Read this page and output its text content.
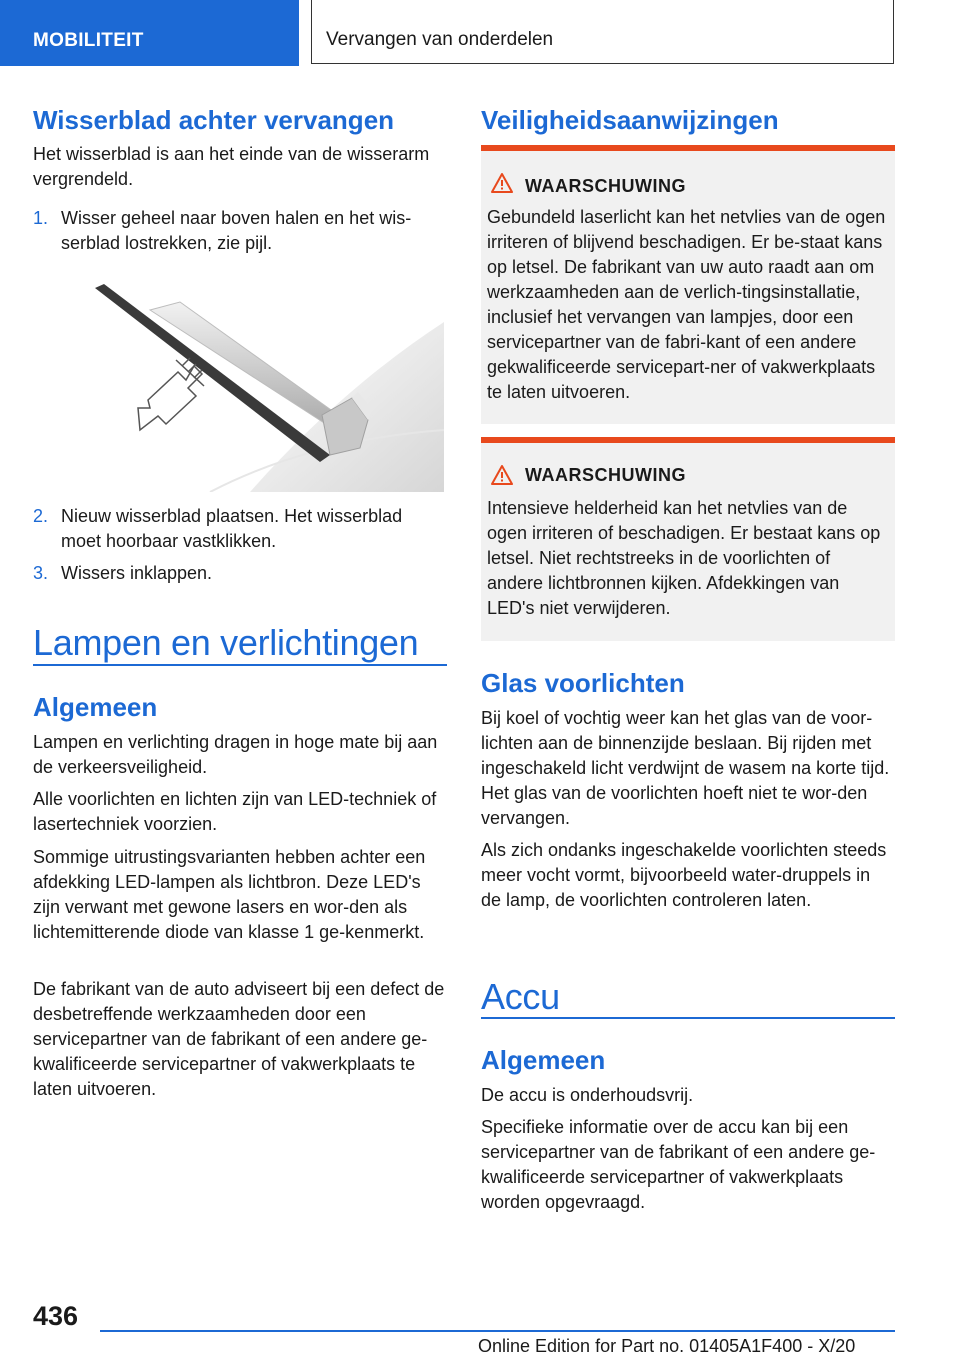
MOBILITEIT	Vervangen van onderdelen
Wisserblad achter vervangen

Het wisserblad is aan het einde van de wisserarm vergrendeld.

1. Wisser geheel naar boven halen en het wis-serblad lostrekken, zie pijl.

2. Nieuw wisserblad plaatsen. Het wisserblad moet hoorbaar vastklikken.

3. Wissers inklappen.

Lampen en verlichtingen
Algemeen

Lampen en verlichting dragen in hoge mate bij aan de verkeersveiligheid.

Alle voorlichten en lichten zijn van LED-techniek of lasertechniek voorzien.

Sommige uitrustingsvarianten hebben achter een afdekking LED-lampen als lichtbron. Deze LED's zijn verwant met gewone lasers en wor-den als lichtemitterende diode van klasse 1 ge-kenmerkt.

De fabrikant van de auto adviseert bij een defect de desbetreffende werkzaamheden door een servicepartner van de fabrikant of een andere ge-kwalificeerde servicepartner of vakwerkplaats te laten uitvoeren.

Veiligheidsaanwijzingen
WAARSCHUWING

Gebundeld laserlicht kan het netvlies van de ogen irriteren of blijvend beschadigen. Er be-staat kans op letsel. De fabrikant van uw auto raadt aan om werkzaamheden aan de verlich-tingsinstallatie, inclusief het vervangen van lampjes, door een servicepartner van de fabri-kant of een andere gekwalificeerde servicepart-ner of vakwerkplaats te laten uitvoeren.

WAARSCHUWING

Intensieve helderheid kan het netvlies van de ogen irriteren of beschadigen. Er bestaat kans op letsel. Niet rechtstreeks in de voorlichten of andere lichtbronnen kijken. Afdekkingen van LED's niet verwijderen.

Glas voorlichten

Bij koel of vochtig weer kan het glas van de voor-lichten aan de binnenzijde beslaan. Bij rijden met ingeschakeld licht verdwijnt de wasem na korte tijd. Het glas van de voorlichten hoeft niet te wor-den vervangen.

Als zich ondanks ingeschakelde voorlichten steeds meer vocht vormt, bijvoorbeeld water-druppels in de lamp, de voorlichten controleren laten.

Accu
Algemeen

De accu is onderhoudsvrij.

Specifieke informatie over de accu kan bij een servicepartner van de fabrikant of een andere ge-kwalificeerde servicepartner of vakwerkplaats worden opgevraagd.

436
Online Edition for Part no. 01405A1F400 - X/20
